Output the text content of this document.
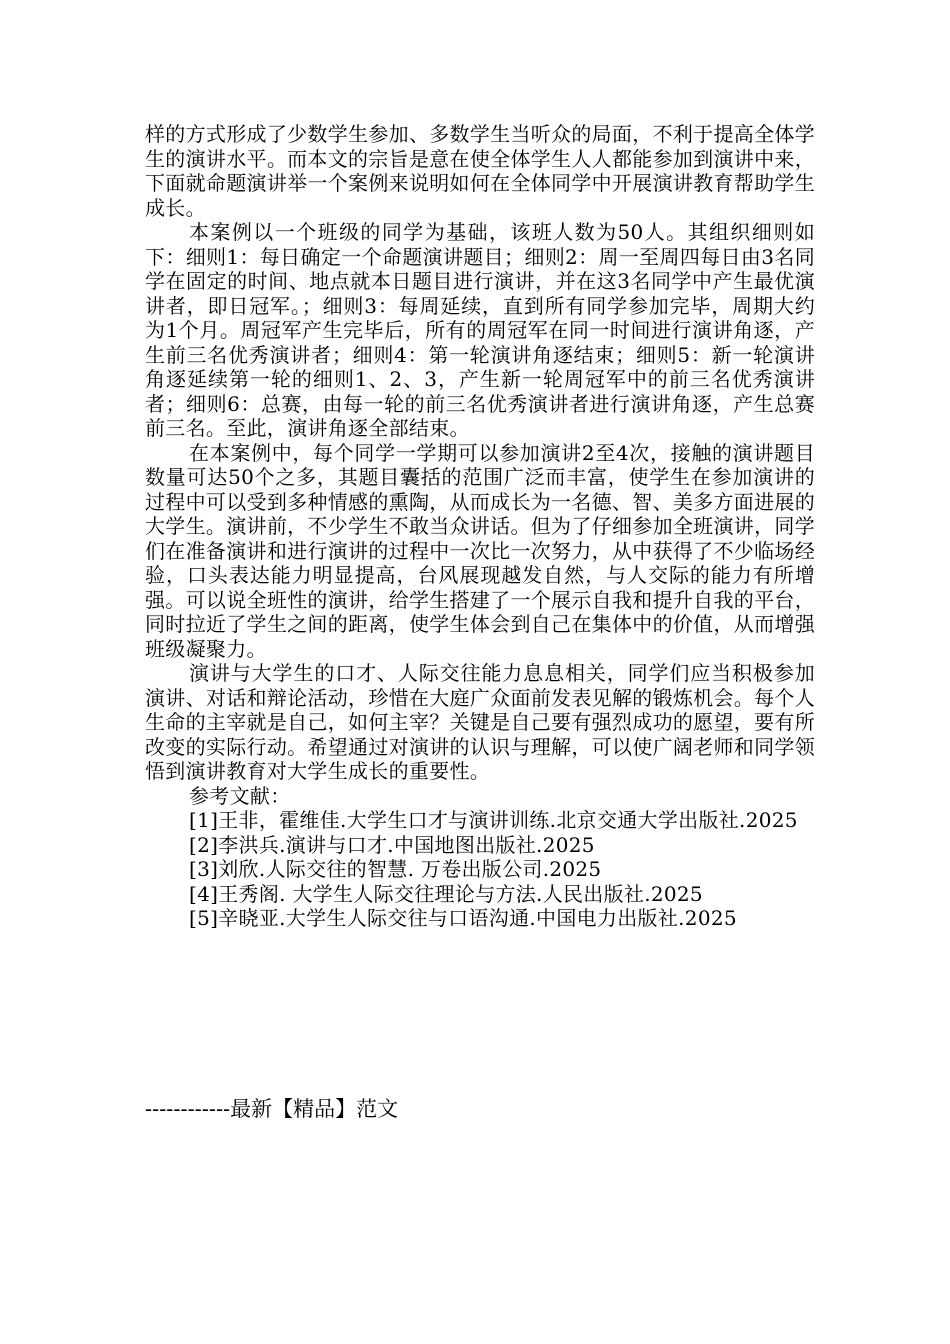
样的方式形成了少数学生参加、多数学生当听众的局面，不利于提高全体学生的演讲水平。而本文的宗旨是意在使全体学生人人都能参加到演讲中来，下面就命题演讲举一个案例来说明如何在全体同学中开展演讲教育帮助学生成长。

本案例以一个班级的同学为基础，该班人数为50人。其组织细则如下：细则1：每日确定一个命题演讲题目；细则2：周一至周四每日由3名同学在固定的时间、地点就本日题目进行演讲，并在这3名同学中产生最优演讲者，即日冠军。；细则3：每周延续，直到所有同学参加完毕，周期大约为1个月。周冠军产生完毕后，所有的周冠军在同一时间进行演讲角逐，产生前三名优秀演讲者；细则4：第一轮演讲角逐结束；细则5：新一轮演讲角逐延续第一轮的细则1、2、3，产生新一轮周冠军中的前三名优秀演讲者；细则6：总赛，由每一轮的前三名优秀演讲者进行演讲角逐，产生总赛前三名。至此，演讲角逐全部结束。

在本案例中，每个同学一学期可以参加演讲2至4次，接触的演讲题目数量可达50个之多，其题目囊括的范围广泛而丰富，使学生在参加演讲的过程中可以受到多种情感的熏陶，从而成长为一名德、智、美多方面进展的大学生。演讲前，不少学生不敢当众讲话。但为了仔细参加全班演讲，同学们在准备演讲和进行演讲的过程中一次比一次努力，从中获得了不少临场经验，口头表达能力明显提高，台风展现越发自然，与人交际的能力有所增强。可以说全班性的演讲，给学生搭建了一个展示自我和提升自我的平台，同时拉近了学生之间的距离，使学生体会到自己在集体中的价值，从而增强班级凝聚力。

演讲与大学生的口才、人际交往能力息息相关，同学们应当积极参加演讲、对话和辩论活动，珍惜在大庭广众面前发表见解的锻炼机会。每个人生命的主宰就是自己，如何主宰？关键是自己要有强烈成功的愿望，要有所改变的实际行动。希望通过对演讲的认识与理解，可以使广阔老师和同学领悟到演讲教育对大学生成长的重要性。

参考文献：

[1]王非，霍维佳.大学生口才与演讲训练.北京交通大学出版社.2025

[2]李洪兵.演讲与口才.中国地图出版社.2025

[3]刘欣.人际交往的智慧. 万卷出版公司.2025

[4]王秀阁. 大学生人际交往理论与方法.人民出版社.2025

[5]辛晓亚.大学生人际交往与口语沟通.中国电力出版社.2025

------------最新【精品】范文
